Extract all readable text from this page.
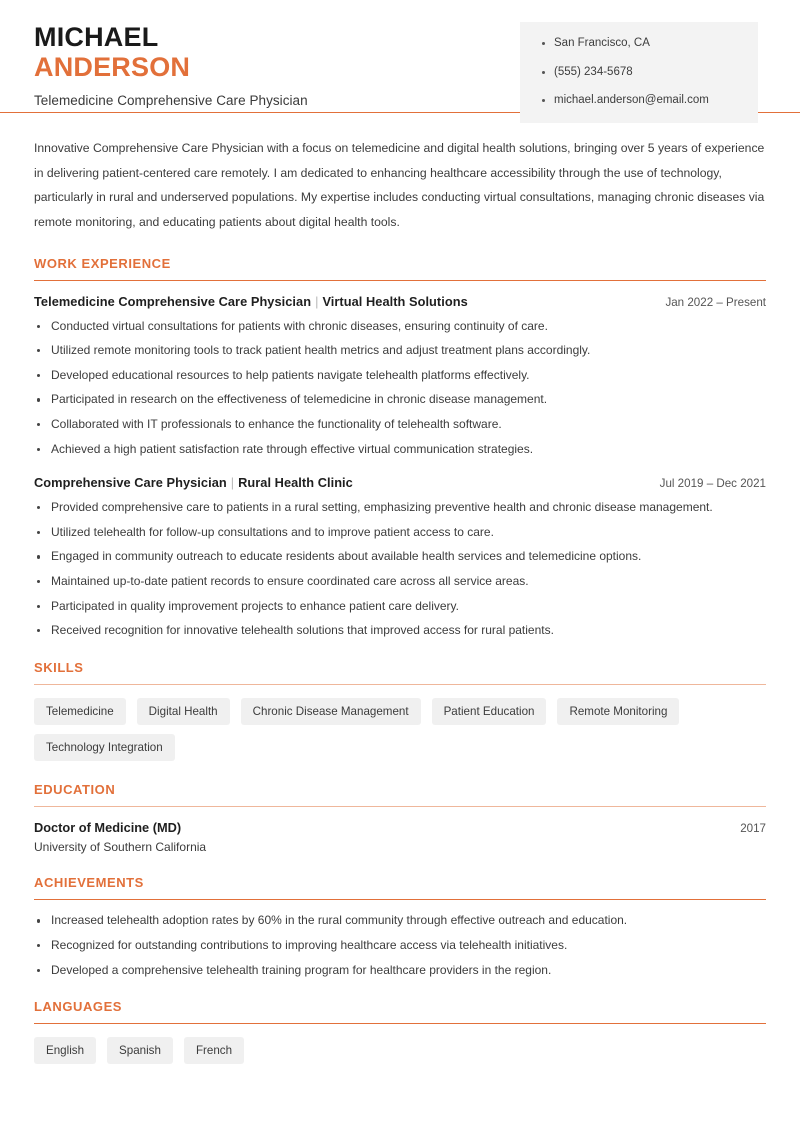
MICHAEL
ANDERSON
Telemedicine Comprehensive Care Physician
San Francisco, CA
(555) 234-5678
michael.anderson@email.com

Innovative Comprehensive Care Physician with a focus on telemedicine and digital health solutions, bringing over 5 years of experience in delivering patient-centered care remotely. I am dedicated to enhancing healthcare accessibility through the use of technology, particularly in rural and underserved populations. My expertise includes conducting virtual consultations, managing chronic diseases via remote monitoring, and educating patients about digital health tools.

WORK EXPERIENCE
Telemedicine Comprehensive Care Physician | Virtual Health Solutions	Jan 2022 – Present
Conducted virtual consultations for patients with chronic diseases, ensuring continuity of care.
Utilized remote monitoring tools to track patient health metrics and adjust treatment plans accordingly.
Developed educational resources to help patients navigate telehealth platforms effectively.
Participated in research on the effectiveness of telemedicine in chronic disease management.
Collaborated with IT professionals to enhance the functionality of telehealth software.
Achieved a high patient satisfaction rate through effective virtual communication strategies.
Comprehensive Care Physician | Rural Health Clinic	Jul 2019 – Dec 2021
Provided comprehensive care to patients in a rural setting, emphasizing preventive health and chronic disease management.
Utilized telehealth for follow-up consultations and to improve patient access to care.
Engaged in community outreach to educate residents about available health services and telemedicine options.
Maintained up-to-date patient records to ensure coordinated care across all service areas.
Participated in quality improvement projects to enhance patient care delivery.
Received recognition for innovative telehealth solutions that improved access for rural patients.
SKILLS
Telemedicine	Digital Health	Chronic Disease Management	Patient Education	Remote Monitoring
Technology Integration
EDUCATION
Doctor of Medicine (MD)	2017
University of Southern California
ACHIEVEMENTS
Increased telehealth adoption rates by 60% in the rural community through effective outreach and education.
Recognized for outstanding contributions to improving healthcare access via telehealth initiatives.
Developed a comprehensive telehealth training program for healthcare providers in the region.
LANGUAGES
English	Spanish	French
